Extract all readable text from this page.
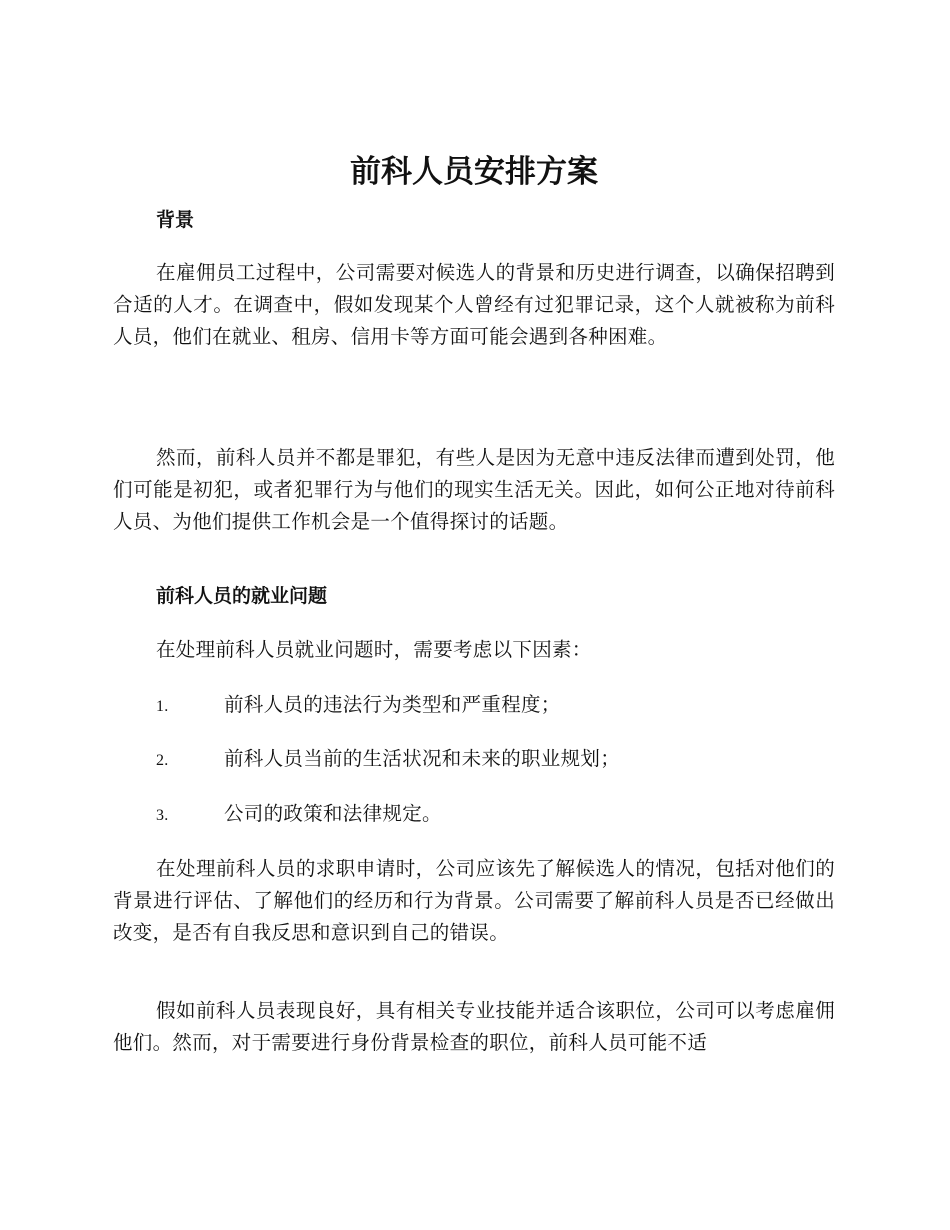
前科人员安排方案
背景

在雇佣员工过程中，公司需要对候选人的背景和历史进行调查，以确保招聘到合适的人才。在调查中，假如发现某个人曾经有过犯罪记录，这个人就被称为前科人员，他们在就业、租房、信用卡等方面可能会遇到各种困难。

然而，前科人员并不都是罪犯，有些人是因为无意中违反法律而遭到处罚，他们可能是初犯，或者犯罪行为与他们的现实生活无关。因此，如何公正地对待前科人员、为他们提供工作机会是一个值得探讨的话题。

前科人员的就业问题

在处理前科人员就业问题时，需要考虑以下因素：

1.	前科人员的违法行为类型和严重程度；

2.	前科人员当前的生活状况和未来的职业规划；

3.	公司的政策和法律规定。

在处理前科人员的求职申请时，公司应该先了解候选人的情况，包括对他们的背景进行评估、了解他们的经历和行为背景。公司需要了解前科人员是否已经做出改变，是否有自我反思和意识到自己的错误。

假如前科人员表现良好，具有相关专业技能并适合该职位，公司可以考虑雇佣他们。然而，对于需要进行身份背景检查的职位，前科人员可能不适
